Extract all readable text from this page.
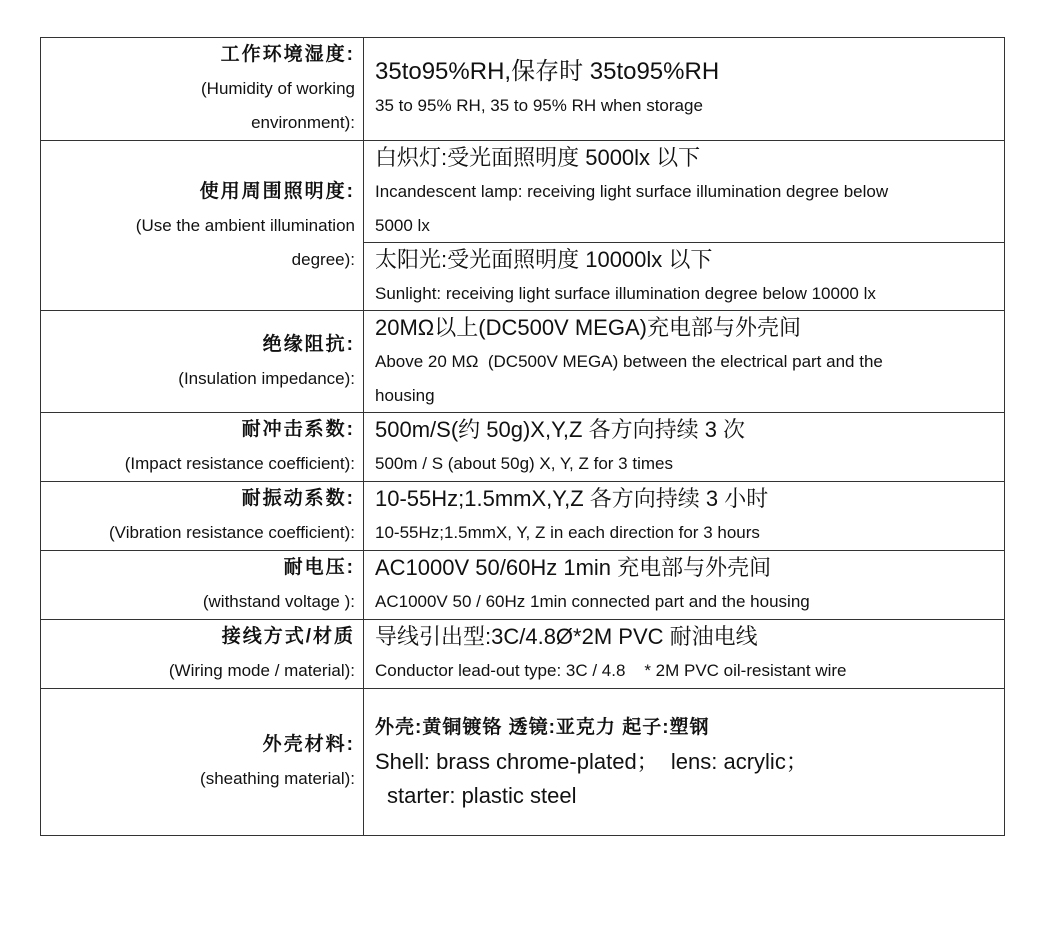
工作环境湿度:
(Humidity of working
environment):
35to95%RH,保存时 35to95%RH
35 to 95% RH, 35 to 95% RH when storage
使用周围照明度:
(Use the ambient illumination
degree):
白炽灯:受光面照明度 5000lx 以下
Incandescent lamp: receiving light surface illumination degree below
5000 lx
太阳光:受光面照明度 10000lx 以下
Sunlight: receiving light surface illumination degree below 10000 lx
绝缘阻抗:
(Insulation impedance):
20MΩ以上(DC500V MEGA)充电部与外壳间
Above 20 MΩ  (DC500V MEGA) between the electrical part and the
housing
耐冲击系数:
(Impact resistance coefficient):
500m/S(约 50g)X,Y,Z 各方向持续 3 次
500m / S (about 50g) X, Y, Z for 3 times
耐振动系数:
(Vibration resistance coefficient):
10-55Hz;1.5mmX,Y,Z 各方向持续 3 小时
10-55Hz;1.5mmX, Y, Z in each direction for 3 hours
耐电压:
(withstand voltage ):
AC1000V 50/60Hz 1min 充电部与外壳间
AC1000V 50 / 60Hz 1min connected part and the housing
接线方式/材质
(Wiring mode / material):
导线引出型:3C/4.8Ø*2M PVC 耐油电线
Conductor lead-out type: 3C / 4.8    * 2M PVC oil-resistant wire
外壳材料:
(sheathing material):
外壳:黄铜镀铬 透镜:亚克力 起子:塑钢
Shell: brass chrome-plated；  lens: acrylic；
starter: plastic steel
